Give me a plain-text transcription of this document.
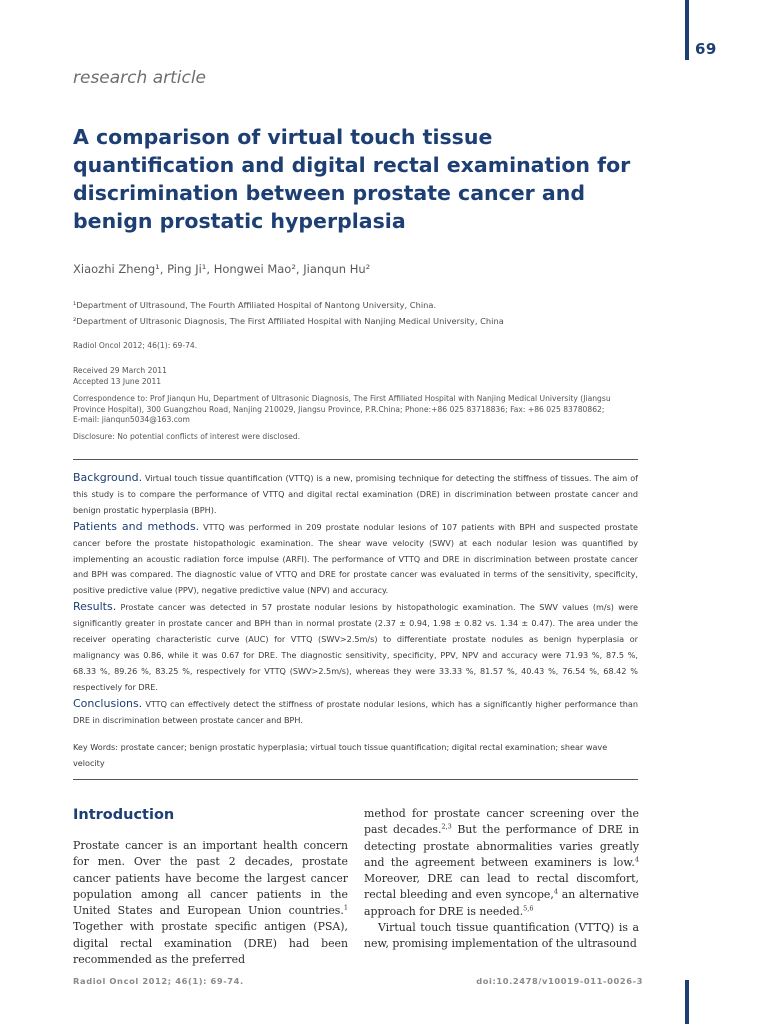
69
research article
A comparison of virtual touch tissue quantification and digital rectal examination for discrimination between prostate cancer and benign prostatic hyperplasia
Xiaozhi Zheng¹, Ping Ji¹, Hongwei Mao², Jianqun Hu²
¹Department of Ultrasound, The Fourth Affiliated Hospital of Nantong University, China.
²Department of Ultrasonic Diagnosis, The First Affiliated Hospital with Nanjing Medical University, China
Radiol Oncol 2012; 46(1): 69-74.
Received 29 March 2011
Accepted 13 June 2011
Correspondence to: Prof Jianqun Hu, Department of Ultrasonic Diagnosis, The First Affiliated Hospital with Nanjing Medical University (Jiangsu Province Hospital), 300 Guangzhou Road, Nanjing 210029, Jiangsu Province, P.R.China; Phone:+86 025 83718836; Fax: +86 025 83780862; E-mail: jianqun5034@163.com
Disclosure: No potential conflicts of interest were disclosed.

Background. Virtual touch tissue quantification (VTTQ) is a new, promising technique for detecting the stiffness of tissues. The aim of this study is to compare the performance of VTTQ and digital rectal examination (DRE) in discrimination between prostate cancer and benign prostatic hyperplasia (BPH).

Patients and methods. VTTQ was performed in 209 prostate nodular lesions of 107 patients with BPH and suspected prostate cancer before the prostate histopathologic examination. The shear wave velocity (SWV) at each nodular lesion was quantified by implementing an acoustic radiation force impulse (ARFI). The performance of VTTQ and DRE in discrimination between prostate cancer and BPH was compared. The diagnostic value of VTTQ and DRE for prostate cancer was evaluated in terms of the sensitivity, specificity, positive predictive value (PPV), negative predictive value (NPV) and accuracy.

Results. Prostate cancer was detected in 57 prostate nodular lesions by histopathologic examination. The SWV values (m/s) were significantly greater in prostate cancer and BPH than in normal prostate (2.37 ± 0.94, 1.98 ± 0.82 vs. 1.34 ± 0.47). The area under the receiver operating characteristic curve (AUC) for VTTQ (SWV>2.5m/s) to differentiate prostate nodules as benign hyperplasia or malignancy was 0.86, while it was 0.67 for DRE. The diagnostic sensitivity, specificity, PPV, NPV and accuracy were 71.93 %, 87.5 %, 68.33 %, 89.26 %, 83.25 %, respectively for VTTQ (SWV>2.5m/s), whereas they were 33.33 %, 81.57 %, 40.43 %, 76.54 %, 68.42 % respectively for DRE.

Conclusions. VTTQ can effectively detect the stiffness of prostate nodular lesions, which has a significantly higher performance than DRE in discrimination between prostate cancer and BPH.

Key Words: prostate cancer; benign prostatic hyperplasia; virtual touch tissue quantification; digital rectal examination; shear wave velocity
Introduction

Prostate cancer is an important health concern for men. Over the past 2 decades, prostate cancer patients have become the largest cancer population among all cancer patients in the United States and European Union countries.$^1$ Together with prostate specific antigen (PSA), digital rectal examination (DRE) had been recommended as the preferred

method for prostate cancer screening over the past decades.$^{2,3}$ But the performance of DRE in detecting prostate abnormalities varies greatly and the agreement between examiners is low.$^4$ Moreover, DRE can lead to rectal discomfort, rectal bleeding and even syncope,$^4$ an alternative approach for DRE is needed.$^{5,6}$

Virtual touch tissue quantification (VTTQ) is a new, promising implementation of the ultrasound

Radiol Oncol 2012; 46(1): 69-74.	doi:10.2478/v10019-011-0026-3
